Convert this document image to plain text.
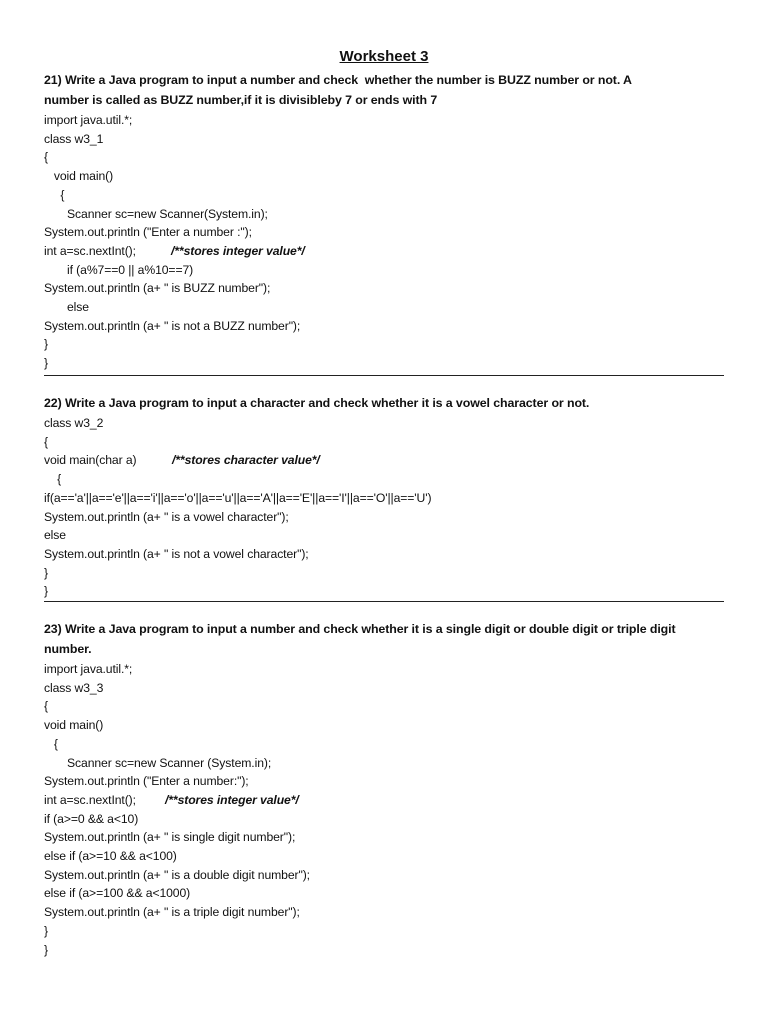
Worksheet 3
21) Write a Java program to input a number and check  whether the number is BUZZ number or not. A
number is called as BUZZ number,if it is divisibleby 7 or ends with 7
import java.util.*;
class w3_1
{
void main()
{
Scanner sc=new Scanner(System.in);
System.out.println ("Enter a number :");
int a=sc.nextInt();	/**stores integer value*/
if (a%7==0 || a%10==7)
System.out.println (a+ " is BUZZ number");
else
System.out.println (a+ " is not a BUZZ number");
}
}
22) Write a Java program to input a character and check whether it is a vowel character or not.
class w3_2
{
void main(char a)	/**stores character value*/
{
if(a=='a'||a=='e'||a=='i'||a=='o'||a=='u'||a=='A'||a=='E'||a=='I'||a=='O'||a=='U')
System.out.println (a+ " is a vowel character");
else
System.out.println (a+ " is not a vowel character");
}
}
23) Write a Java program to input a number and check whether it is a single digit or double digit or triple digit
number.
import java.util.*;
class w3_3
{
void main()
{
Scanner sc=new Scanner (System.in);
System.out.println ("Enter a number:");
int a=sc.nextInt(); /**stores integer value*/
if (a>=0 && a<10)
System.out.println (a+ " is single digit number");
else if (a>=10 && a<100)
System.out.println (a+ " is a double digit number");
else if (a>=100 && a<1000)
System.out.println (a+ " is a triple digit number");
}
}
